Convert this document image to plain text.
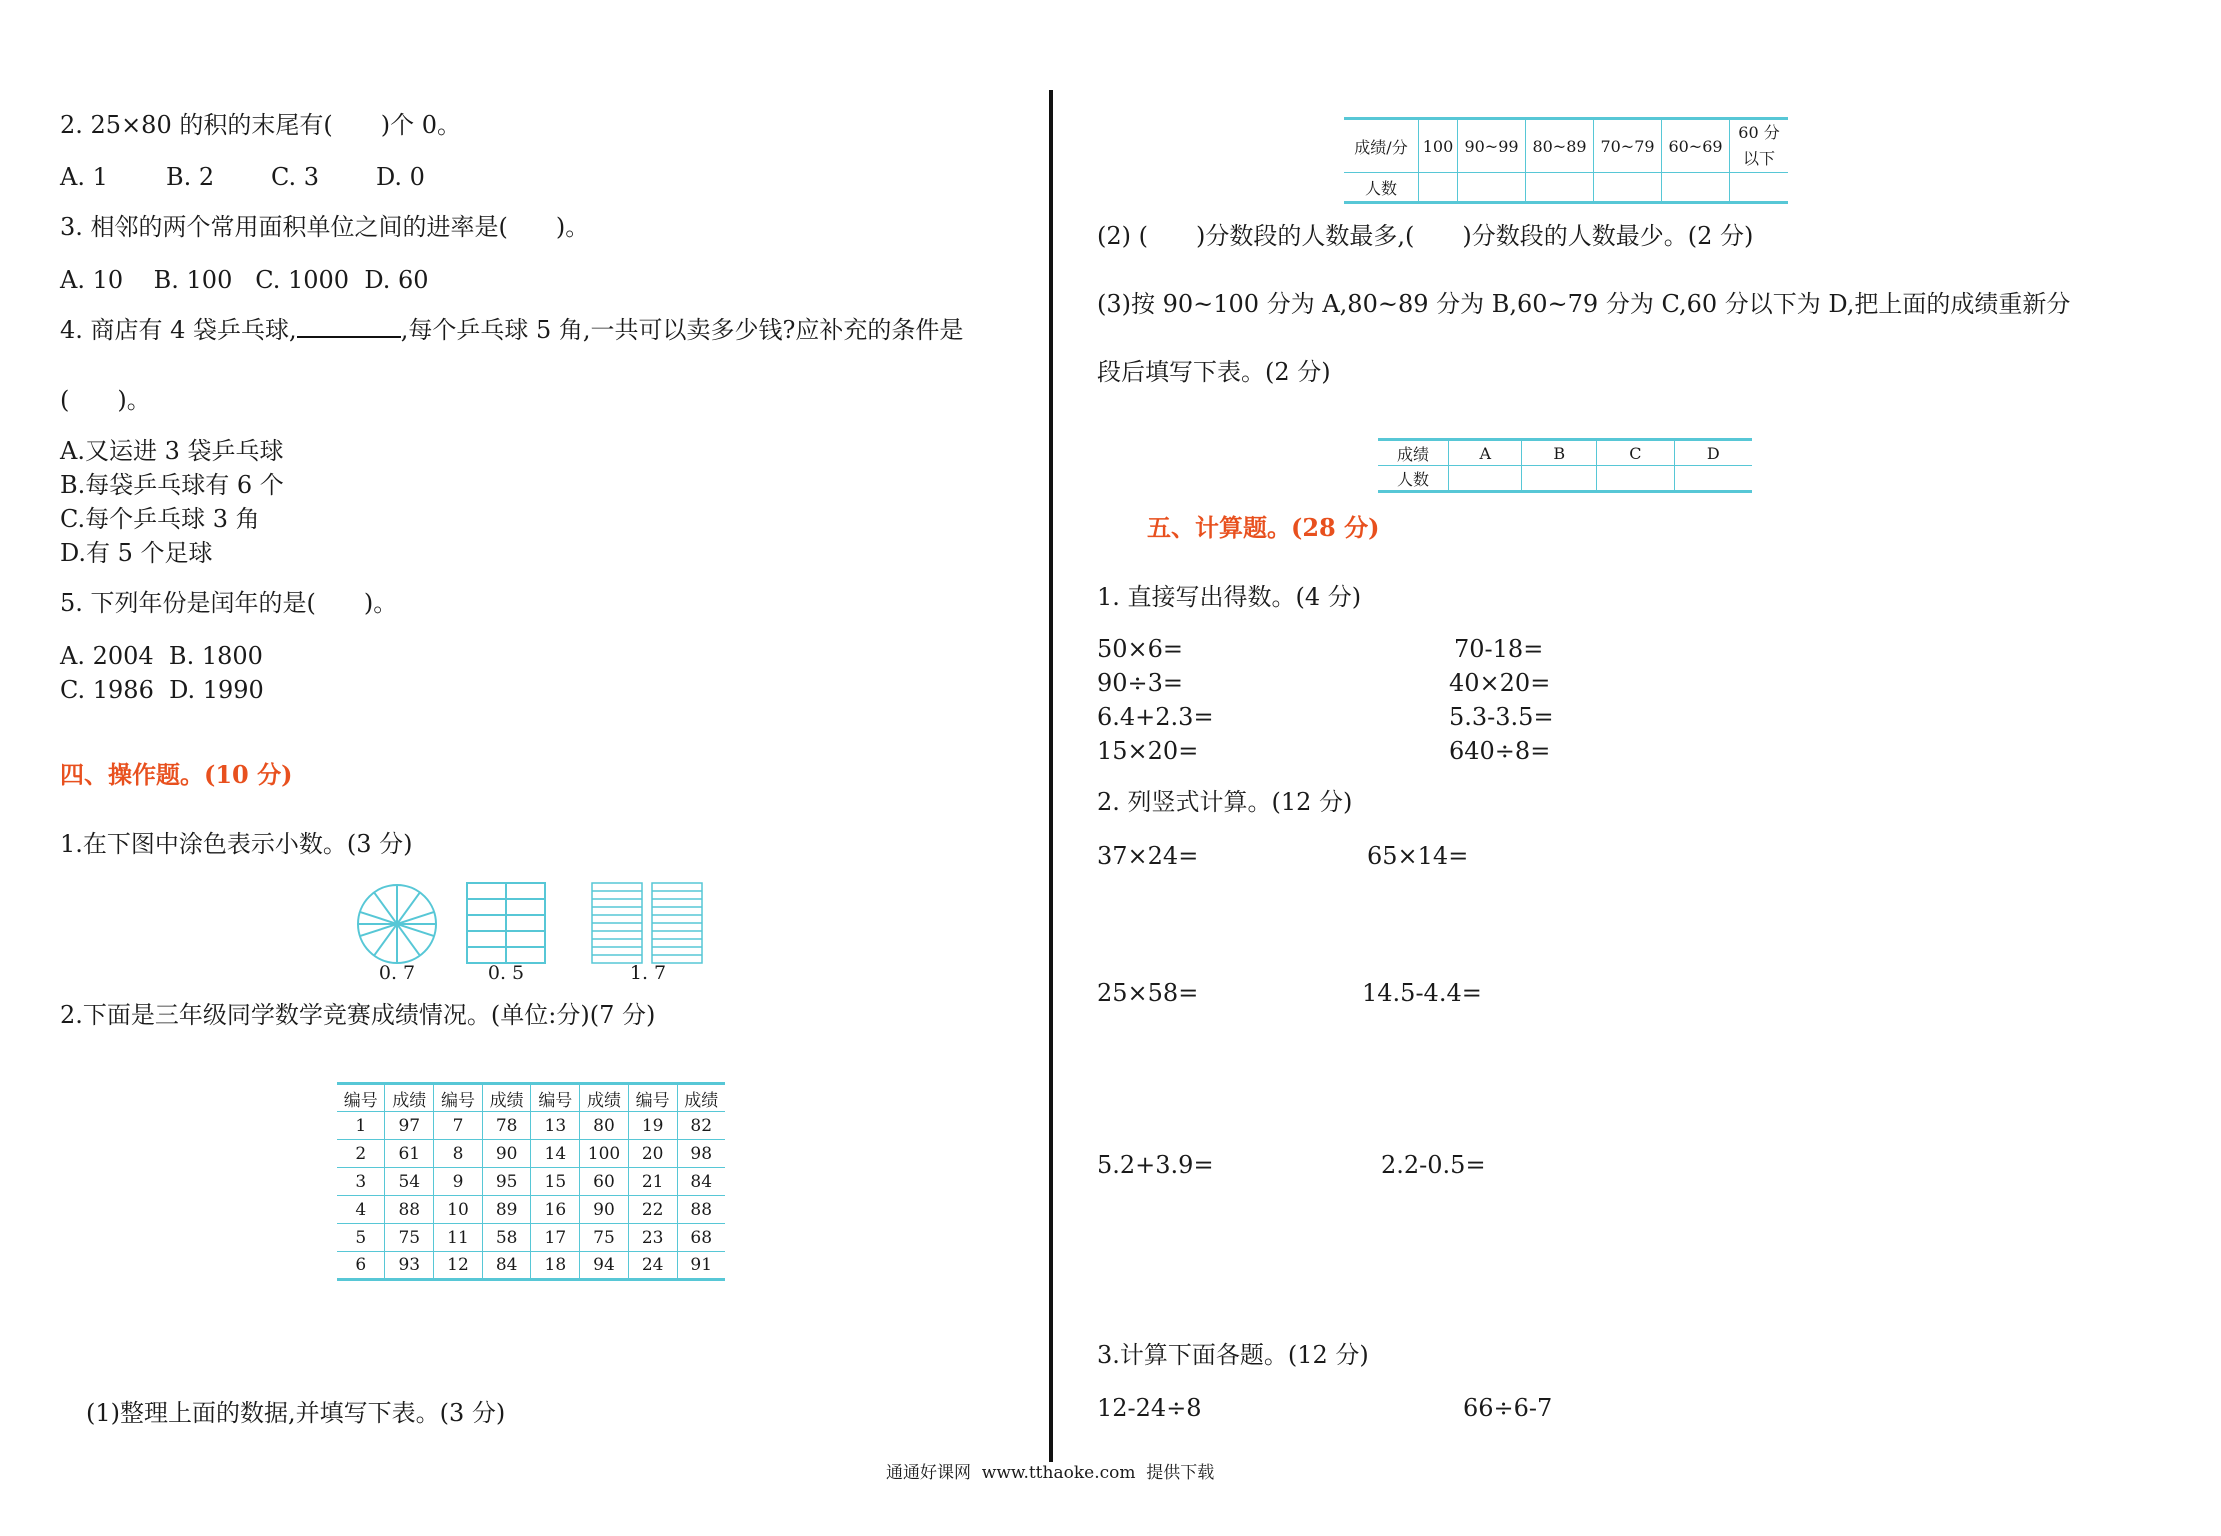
2. 25×80 的积的末尾有(　　)个 0。
A. 1 B. 2 C. 3 D. 0
3. 相邻的两个常用面积单位之间的进率是(　　)。
A. 10    B. 100   C. 1000  D. 60
4. 商店有 4 袋乒乓球,	,每个乒乓球 5 角,一共可以卖多少钱?应补充的条件是
(　　)。
A.又运进 3 袋乒乓球
B.每袋乒乓球有 6 个
C.每个乒乓球 3 角
D.有 5 个足球
5. 下列年份是闰年的是(　　)。
A. 2004  B. 1800
C. 1986  D. 1990
四、操作题。(10 分)
1.在下图中涂色表示小数。(3 分)
0. 7	0. 5	1. 7
2.下面是三年级同学数学竞赛成绩情况。(单位:分)(7 分)
编号	成绩	编号	成绩	编号	成绩	编号	成绩
1	97	7	78	13	80	19	82
2	61	8	90	14	100	20	98
3	54	9	95	15	60	21	84
4	88	10	89	16	90	22	88
5	75	11	58	17	75	23	68
6	93	12	84	18	94	24	91
(1)整理上面的数据,并填写下表。(3 分)
成绩/分	100	90~99	80~89	70~79	60~69	60 分
以下
人数						
(2) (　　)分数段的人数最多,(　　)分数段的人数最少。(2 分)
(3)按 90~100 分为 A,80~89 分为 B,60~79 分为 C,60 分以下为 D,把上面的成绩重新分
段后填写下表。(2 分)
成绩	A	B	C	D
人数				
五、计算题。(28 分)
1. 直接写出得数。(4 分)
50×6=	70-18=
90÷3=	40×20=
6.4+2.3=	5.3-3.5=
15×20=	640÷8=
2. 列竖式计算。(12 分)
37×24=	65×14=
25×58=	14.5-4.4=
5.2+3.9=	2.2-0.5=
3.计算下面各题。(12 分)
12-24÷8	66÷6-7
通通好课网  www.tthaoke.com  提供下载
